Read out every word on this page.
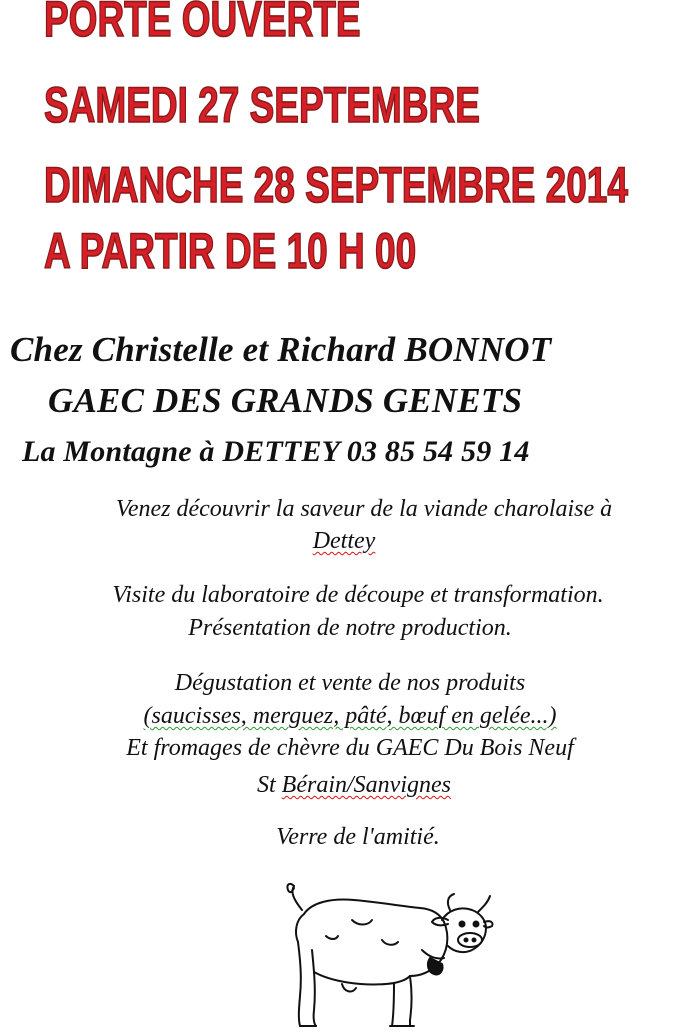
PORTE OUVERTE
SAMEDI 27 SEPTEMBRE
DIMANCHE 28 SEPTEMBRE 2014
A PARTIR DE 10 H 00
Chez Christelle et Richard BONNOT
GAEC DES GRANDS GENETS
La Montagne à DETTEY 03 85 54 59 14
Venez découvrir la saveur de la viande charolaise à
Dettey
Visite du laboratoire de découpe et transformation.
Présentation de notre production.
Dégustation et vente de nos produits
(saucisses, merguez, pâté, bœuf en gelée...)
Et fromages de chèvre du GAEC Du Bois Neuf
St Bérain/Sanvignes
Verre de l'amitié.
